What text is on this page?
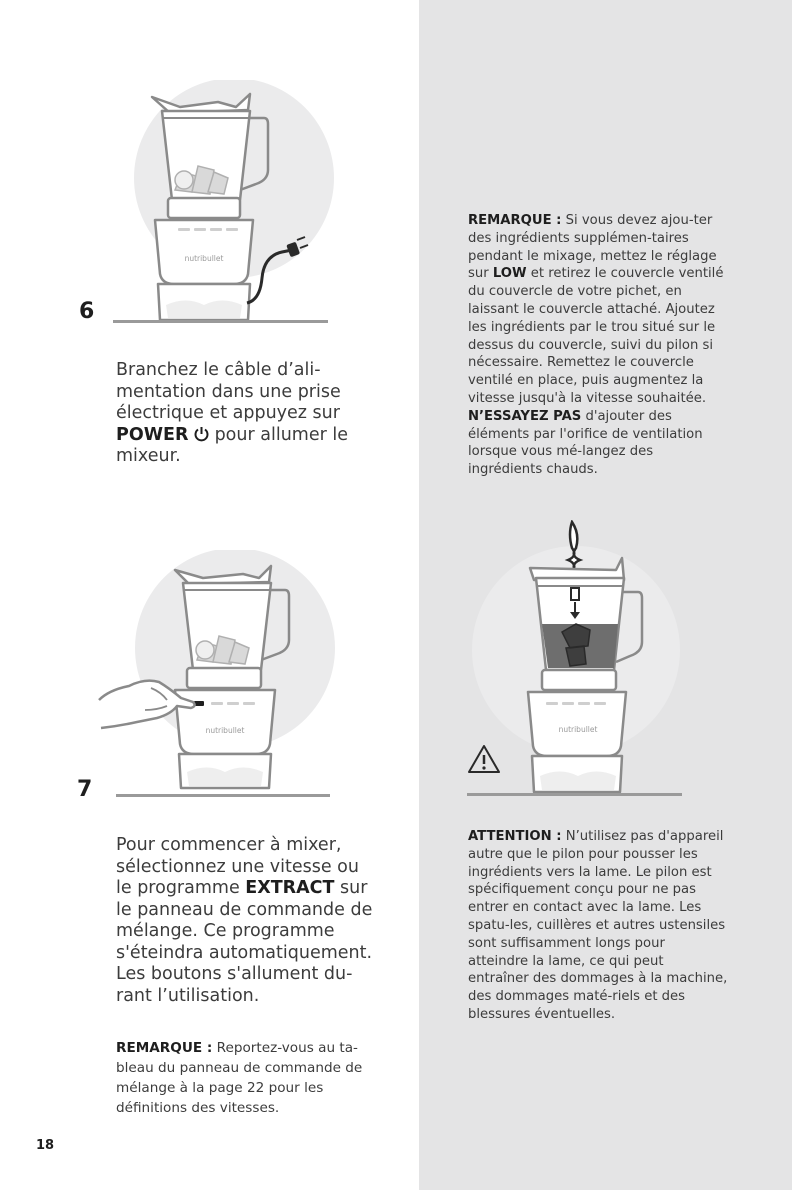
nutribullet
6

Branchez le câble d’ali-mentation dans une prise électrique et appuyez sur POWER  pour allumer le mixeur.

nutribullet
7

Pour commencer à mixer, sélectionnez une vitesse ou le programme EXTRACT sur le panneau de commande de mélange. Ce programme s'éteindra automatiquement. Les boutons s'allument du-rant l’utilisation.

REMARQUE : Reportez-vous au ta-bleau du panneau de commande de mélange à la page 22 pour les définitions des vitesses.

18

REMARQUE : Si vous devez ajou-ter des ingrédients supplémen-taires pendant le mixage, mettez le réglage sur LOW et retirez le couvercle ventilé du couvercle de votre pichet, en laissant le couvercle attaché. Ajoutez les ingrédients par le trou situé sur le dessus du couvercle, suivi du pilon si nécessaire. Remettez le couvercle ventilé en place, puis augmentez la vitesse jusqu'à la vitesse souhaitée. N’ESSAYEZ PAS d'ajouter des éléments par l'orifice de ventilation lorsque vous mé-langez des ingrédients chauds.

nutribullet

ATTENTION : N’utilisez pas d'appareil autre que le pilon pour pousser les ingrédients vers la lame. Le pilon est spécifiquement conçu pour ne pas entrer en contact avec la lame. Les spatu-les, cuillères et autres ustensiles sont suffisamment longs pour atteindre la lame, ce qui peut entraîner des dommages à la machine, des dommages maté-riels et des blessures éventuelles.
